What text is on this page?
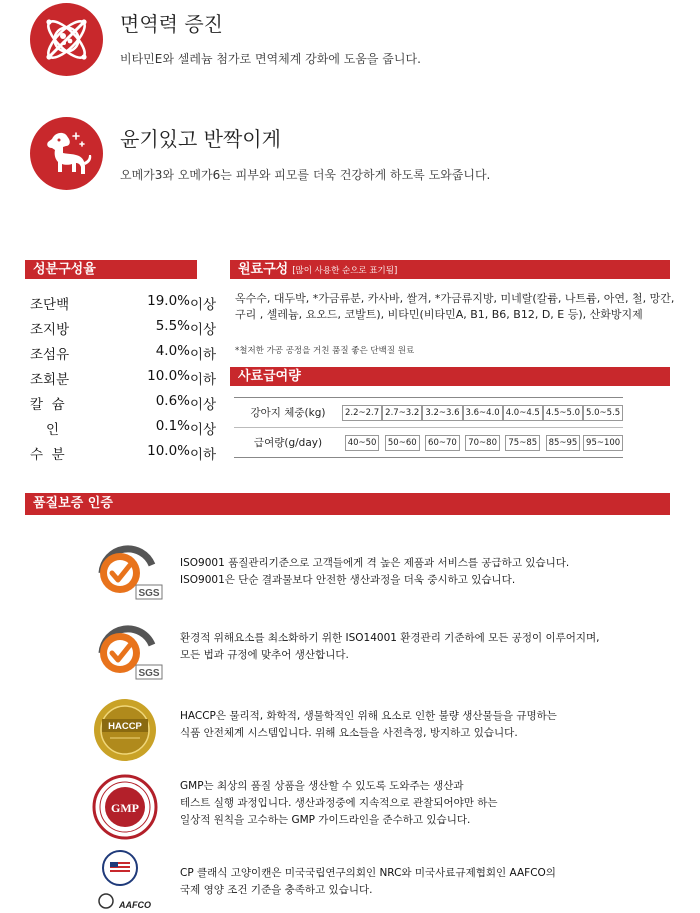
면역력 증진
비타민E와 셀레늄 첨가로 면역체계 강화에 도움을 줍니다.
윤기있고 반짝이게
오메가3와 오메가6는 피부와 피모를 더욱 건강하게 하도록 도와줍니다.
성분구성율
조단백	19.0% 이상
조지방	5.5% 이상
조섬유	4.0% 이하
조회분	10.0% 이하
칼  슘	0.6% 이상
인	0.1% 이상
수  분	10.0% 이하
원료구성 [많이 사용한 순으로 표기됨]
옥수수, 대두박, *가금류분, 카사바, 쌀겨, *가금류지방, 미네랄(칼륨, 나트륨, 아연, 철, 망간,
구리 , 셀레늄, 요오드, 코발트), 비타민(비타민A, B1, B6, B12, D, E 등), 산화방지제
*철저한 가공 공정을 거친 품질 좋은 단백질 원료
사료급여량
강아지 체중(kg)	2.2~2.7	2.7~3.2	3.2~3.6	3.6~4.0	4.0~4.5	4.5~5.0	5.0~5.5
급여량(g/day)	40~50	50~60	60~70	70~80	75~85	85~95	95~100
품질보증 인증
SGS
ISO9001 품질관리기준으로 고객들에게 격 높은 제품과 서비스를 공급하고 있습니다.
ISO9001은 단순 결과물보다 안전한 생산과정을 더욱 중시하고 있습니다.
SGS
환경적 위해요소를 최소화하기 위한 ISO14001 환경관리 기준하에 모든 공정이 이루어지며,
모든 법과 규정에 맞추어 생산합니다.
HACCP
HACCP은 물리적, 화학적, 생물학적인 위해 요소로 인한 불량 생산물들을 규명하는
식품 안전체계 시스템입니다. 위해 요소들을 사전측정, 방지하고 있습니다.
GMP
GMP는 최상의 품질 상품을 생산할 수 있도록 도와주는 생산과
테스트 실행 과정입니다. 생산과정중에 지속적으로 관찰되어야만 하는
일상적 원칙을 고수하는 GMP 가이드라인을 준수하고 있습니다.
AAFCO
CP 클래식 고양이캔은 미국국립연구의회인 NRC와 미국사료규제협회인 AAFCO의
국제 영양 조건 기준을 충족하고 있습니다.
